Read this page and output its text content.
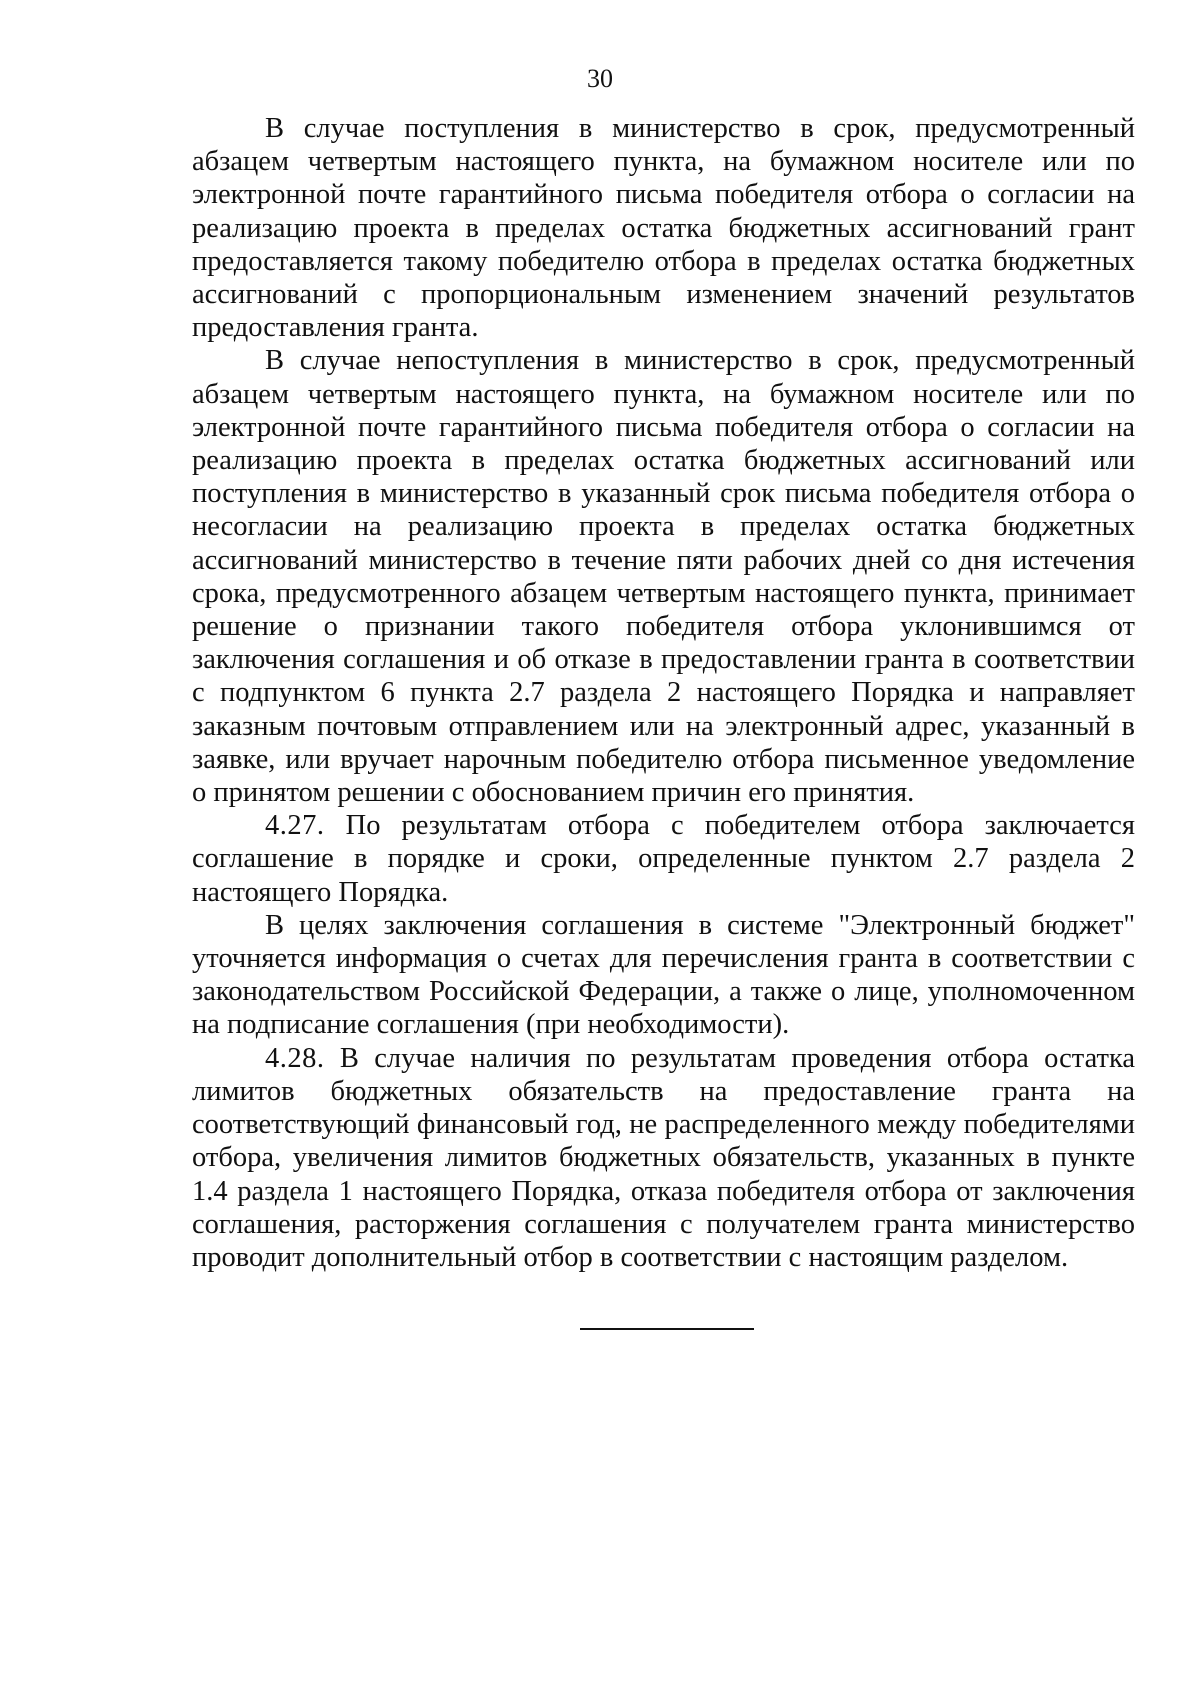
30

В случае поступления в министерство в срок, предусмотренный абзацем четвертым настоящего пункта, на бумажном носителе или по электронной почте гарантийного письма победителя отбора о согласии на реализацию проекта в пределах остатка бюджетных ассигнований грант предоставляется такому победителю отбора в пределах остатка бюджетных ассигнований с пропорциональным изменением значений результатов предоставления гранта.

В случае непоступления в министерство в срок, предусмотренный абзацем четвертым настоящего пункта, на бумажном носителе или по электронной почте гарантийного письма победителя отбора о согласии на реализацию проекта в пределах остатка бюджетных ассигнований или поступления в министерство в указанный срок письма победителя отбора о несогласии на реализацию проекта в пределах остатка бюджетных ассигнований министерство в течение пяти рабочих дней со дня истечения срока, предусмотренного абзацем четвертым настоящего пункта, принимает решение о признании такого победителя отбора уклонившимся от заключения соглашения и об отказе в предоставлении гранта в соответствии с подпунктом 6 пункта 2.7 раздела 2 настоящего Порядка и направляет заказным почтовым отправлением или на электронный адрес, указанный в заявке, или вручает нарочным победителю отбора письменное уведомление о принятом решении с обоснованием причин его принятия.

4.27. По результатам отбора с победителем отбора заключается соглашение в порядке и сроки, определенные пунктом 2.7 раздела 2 настоящего Порядка.

В целях заключения соглашения в системе "Электронный бюджет" уточняется информация о счетах для перечисления гранта в соответствии с законодательством Российской Федерации, а также о лице, уполномоченном на подписание соглашения (при необходимости).

4.28. В случае наличия по результатам проведения отбора остатка лимитов бюджетных обязательств на предоставление гранта на соответствующий финансовый год, не распределенного между победителями отбора, увеличения лимитов бюджетных обязательств, указанных в пункте 1.4 раздела 1 настоящего Порядка, отказа победителя отбора от заключения соглашения, расторжения соглашения с получателем гранта министерство проводит дополнительный отбор в соответствии с настоящим разделом.
